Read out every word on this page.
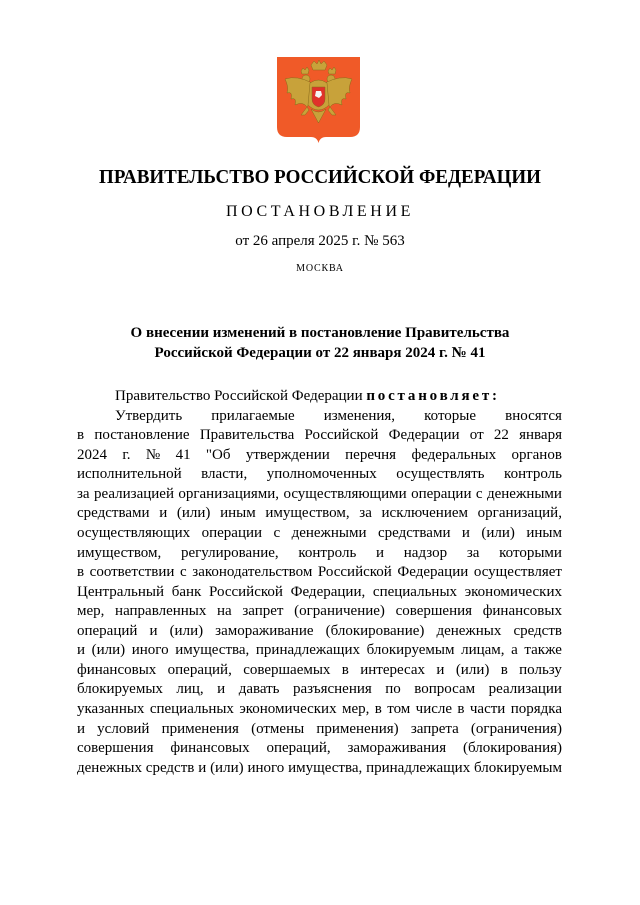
ПРАВИТЕЛЬСТВО РОССИЙСКОЙ ФЕДЕРАЦИИ
ПОСТАНОВЛЕНИЕ
от 26 апреля 2025 г. № 563
МОСКВА
О внесении изменений в постановление Правительства
Российской Федерации от 22 января 2024 г. № 41
Правительство Российской Федерации постановляет:
Утвердить прилагаемые изменения, которые вносятся
в постановление Правительства Российской Федерации от 22 января
2024 г. № 41 "Об утверждении перечня федеральных органов
исполнительной власти, уполномоченных осуществлять контроль
за реализацией организациями, осуществляющими операции с денежными
средствами и (или) иным имуществом, за исключением организаций,
осуществляющих операции с денежными средствами и (или) иным
имуществом, регулирование, контроль и надзор за которыми
в соответствии с законодательством Российской Федерации осуществляет
Центральный банк Российской Федерации, специальных экономических
мер, направленных на запрет (ограничение) совершения финансовых
операций и (или) замораживание (блокирование) денежных средств
и (или) иного имущества, принадлежащих блокируемым лицам, а также
финансовых операций, совершаемых в интересах и (или) в пользу
блокируемых лиц, и давать разъяснения по вопросам реализации
указанных специальных экономических мер, в том числе в части порядка
и условий применения (отмены применения) запрета (ограничения)
совершения финансовых операций, замораживания (блокирования)
денежных средств и (или) иного имущества, принадлежащих блокируемым
